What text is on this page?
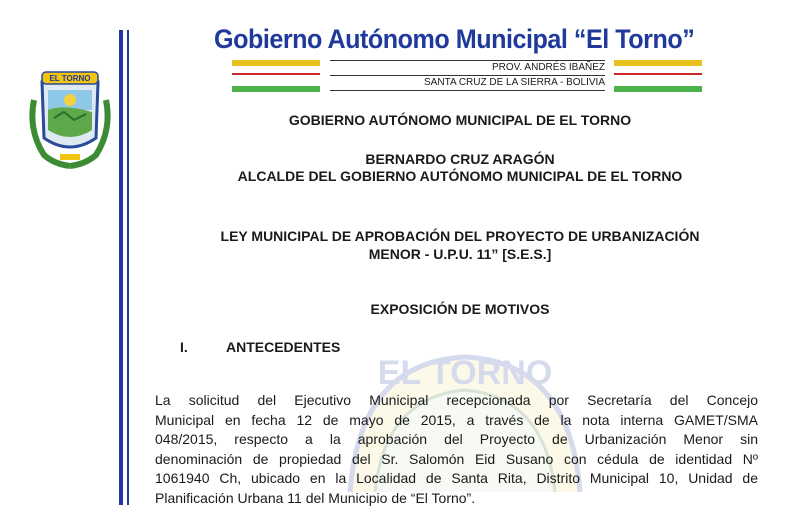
EL TORNO
Gobierno Autónomo Municipal “El Torno”
PROV. ANDRÉS IBAÑEZ
SANTA CRUZ DE LA SIERRA - BOLIVIA
EL TORNO
GOBIERNO AUTÓNOMO MUNICIPAL DE EL TORNO
BERNARDO CRUZ ARAGÓN
ALCALDE DEL GOBIERNO AUTÓNOMO MUNICIPAL DE EL TORNO
LEY MUNICIPAL DE APROBACIÓN DEL PROYECTO DE URBANIZACIÓN
MENOR - U.P.U. 11” [S.E.S.]
EXPOSICIÓN DE MOTIVOS
I.	ANTECEDENTES
La solicitud del Ejecutivo Municipal recepcionada por Secretaría del Concejo
Municipal en fecha 12 de mayo de 2015, a través de la nota interna GAMET/SMA
048/2015, respecto a la aprobación del Proyecto de Urbanización Menor sin
denominación de propiedad del Sr. Salomón Eid Susano con cédula de identidad Nº
1061940 Ch, ubicado en la Localidad de Santa Rita, Distrito Municipal 10, Unidad de
Planificación Urbana 11 del Municipio de “El Torno”.
